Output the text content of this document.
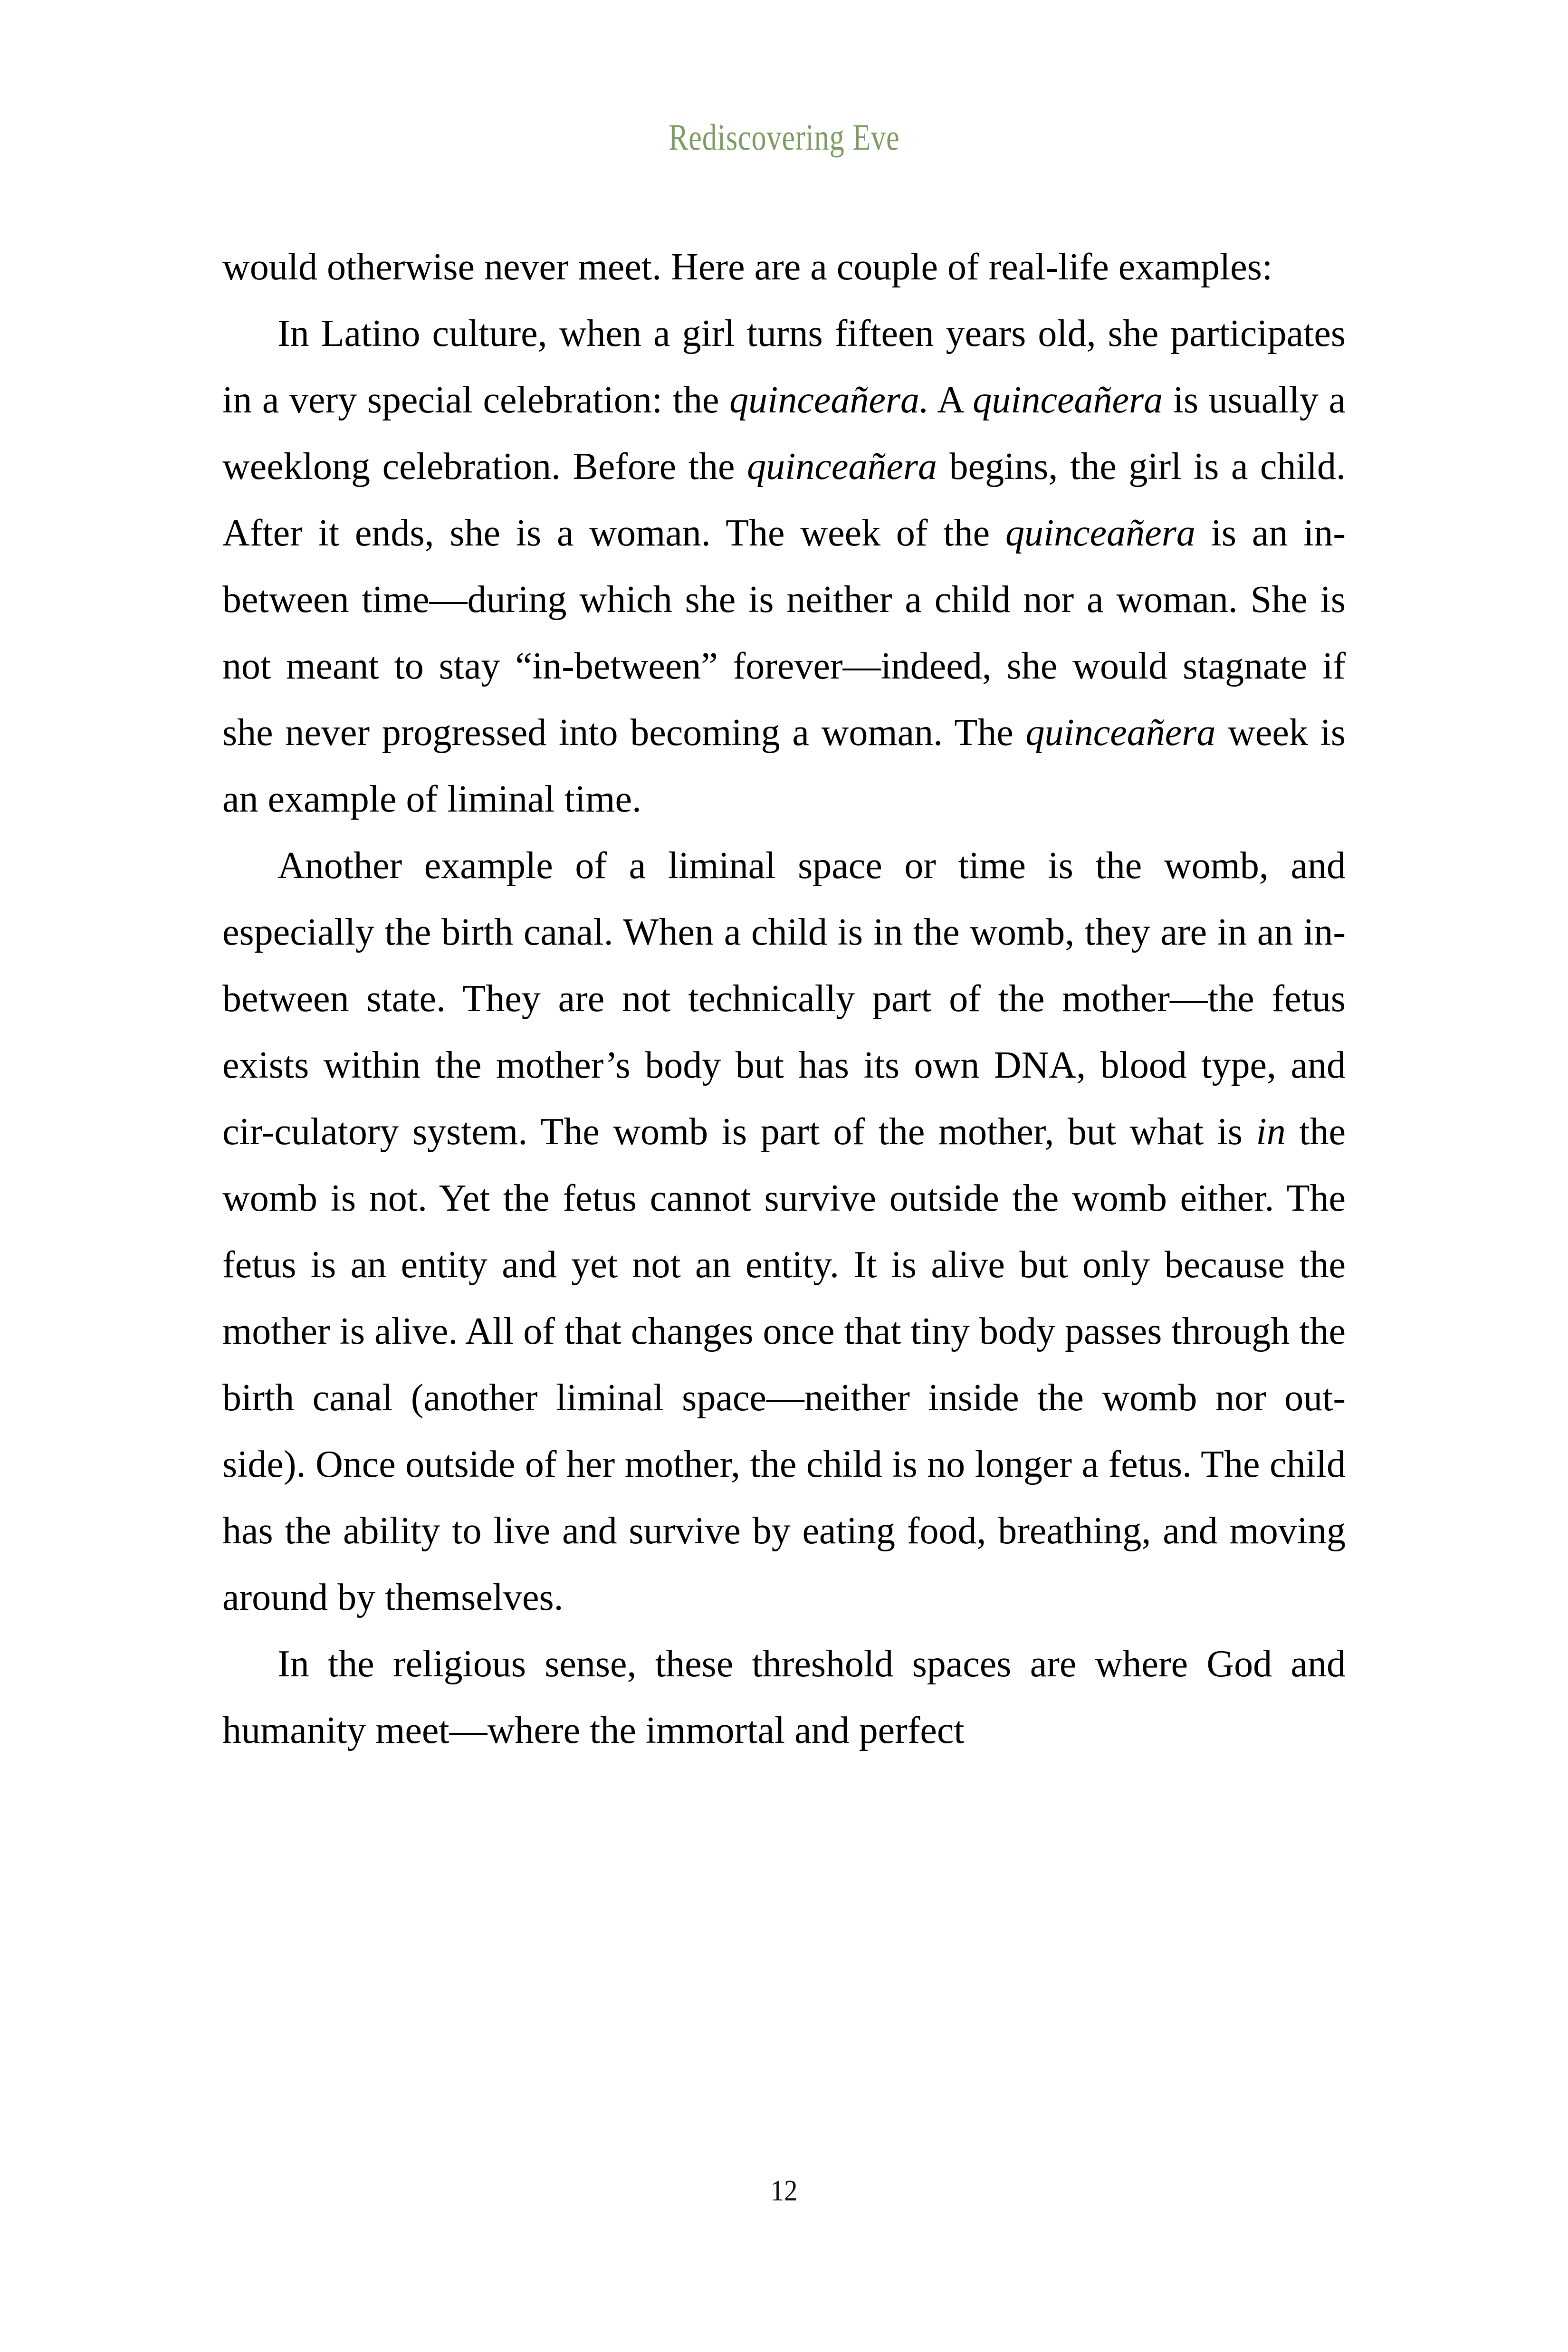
Rediscovering Eve

would otherwise never meet. Here are a couple of real-life examples:

In Latino culture, when a girl turns fifteen years old, she participates in a very special celebration: the quinceañera. A quinceañera is usually a weeklong celebration. Before the quinceañera begins, the girl is a child. After it ends, she is a woman. The week of the quinceañera is an in-between time—during which she is neither a child nor a woman. She is not meant to stay “in-between” forever—indeed, she would stagnate if she never progressed into becoming a woman. The quinceañera week is an example of liminal time.

Another example of a liminal space or time is the womb, and especially the birth canal. When a child is in the womb, they are in an in-between state. They are not technically part of the mother—the fetus exists within the mother’s body but has its own DNA, blood type, and cir⁠-culatory system. The womb is part of the mother, but what is in the womb is not. Yet the fetus cannot survive outside the womb either. The fetus is an entity and yet not an entity. It is alive but only because the mother is alive. All of that changes once that tiny body passes through the birth canal (another liminal space—neither inside the womb nor out⁠-side). Once outside of her mother, the child is no longer a fetus. The child has the ability to live and survive by eating food, breathing, and moving around by themselves.

In the religious sense, these threshold spaces are where God and humanity meet—where the immortal and perfect

12
